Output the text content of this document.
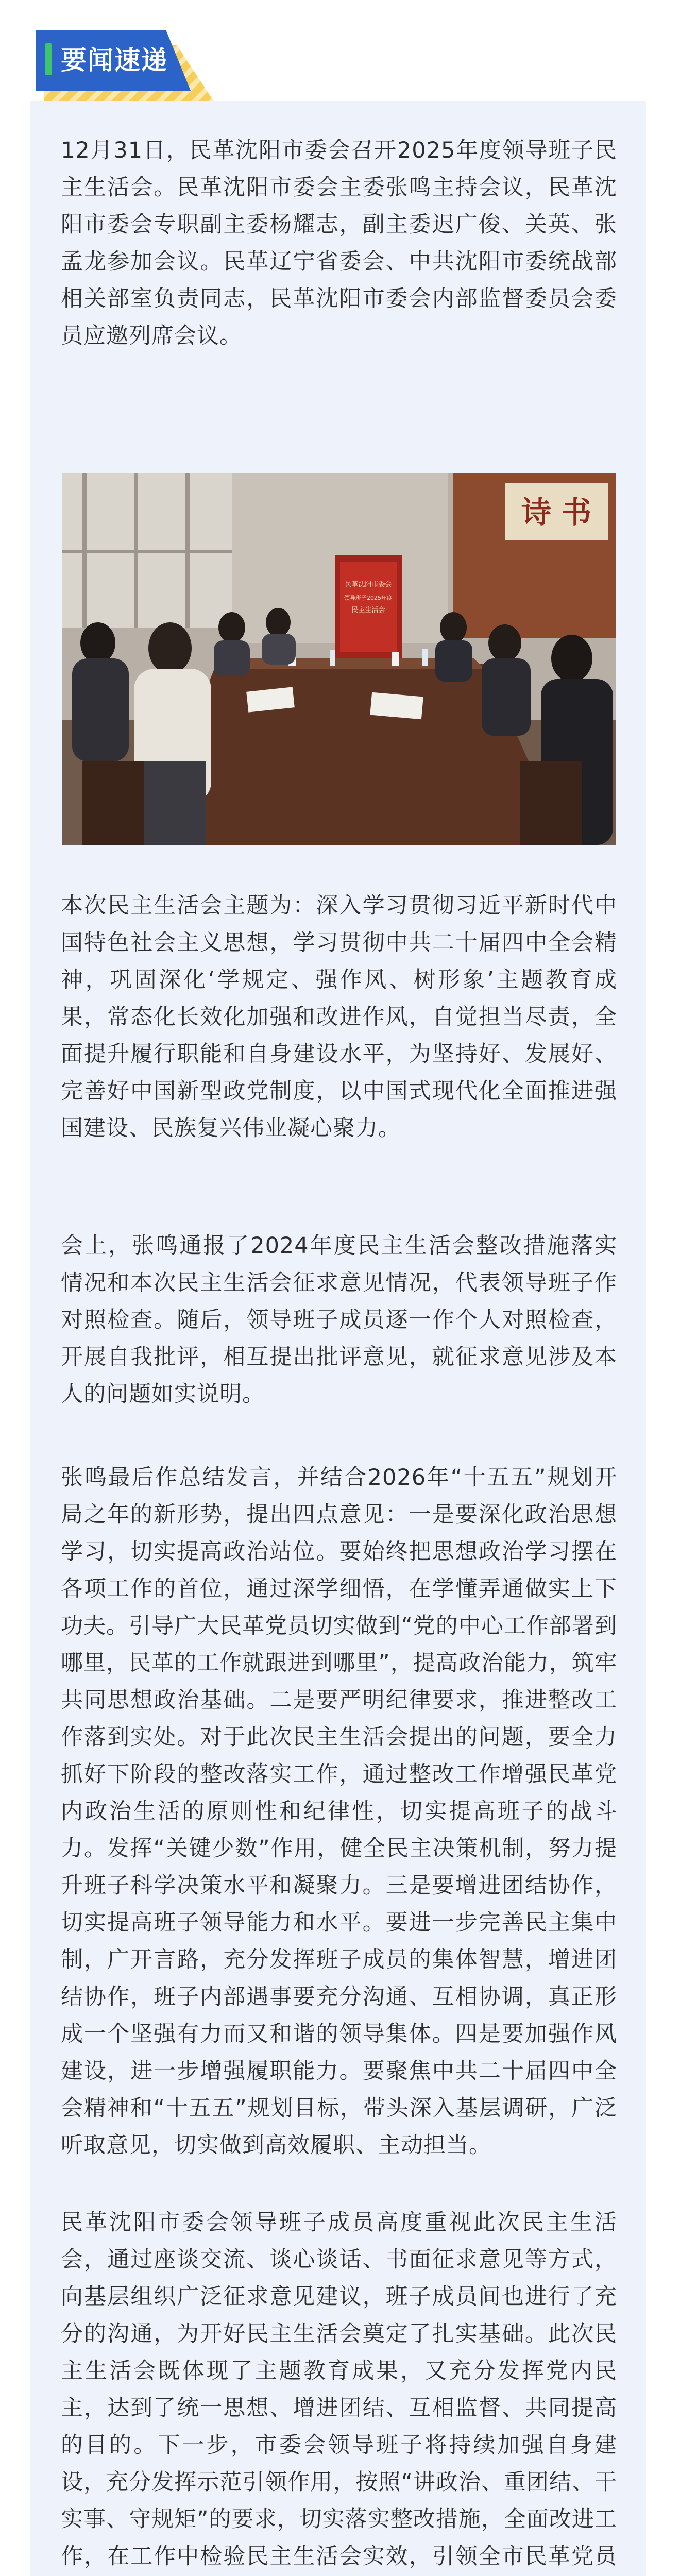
要闻速递

12月31日，民革沈阳市委会召开2025年度领导班子民主生活会。民革沈阳市委会主委张鸣主持会议，民革沈阳市委会专职副主委杨耀志，副主委迟广俊、关英、张孟龙参加会议。民革辽宁省委会、中共沈阳市委统战部相关部室负责同志，民革沈阳市委会内部监督委员会委员应邀列席会议。

诗 书
民革沈阳市委会
领导班子2025年度
民主生活会

本次民主生活会主题为：深入学习贯彻习近平新时代中国特色社会主义思想，学习贯彻中共二十届四中全会精神，巩固深化‘学规定、强作风、树形象’主题教育成果，常态化长效化加强和改进作风，自觉担当尽责，全面提升履行职能和自身建设水平，为坚持好、发展好、完善好中国新型政党制度，以中国式现代化全面推进强国建设、民族复兴伟业凝心聚力。

会上，张鸣通报了2024年度民主生活会整改措施落实情况和本次民主生活会征求意见情况，代表领导班子作对照检查。随后，领导班子成员逐一作个人对照检查，开展自我批评，相互提出批评意见，就征求意见涉及本人的问题如实说明。

张鸣最后作总结发言，并结合2026年“十五五”规划开局之年的新形势，提出四点意见：一是要深化政治思想学习，切实提高政治站位。要始终把思想政治学习摆在各项工作的首位，通过深学细悟，在学懂弄通做实上下功夫。引导广大民革党员切实做到“党的中心工作部署到哪里，民革的工作就跟进到哪里”，提高政治能力，筑牢共同思想政治基础。二是要严明纪律要求，推进整改工作落到实处。对于此次民主生活会提出的问题，要全力抓好下阶段的整改落实工作，通过整改工作增强民革党内政治生活的原则性和纪律性，切实提高班子的战斗力。发挥“关键少数”作用，健全民主决策机制，努力提升班子科学决策水平和凝聚力。三是要增进团结协作，切实提高班子领导能力和水平。要进一步完善民主集中制，广开言路，充分发挥班子成员的集体智慧，增进团结协作，班子内部遇事要充分沟通、互相协调，真正形成一个坚强有力而又和谐的领导集体。四是要加强作风建设，进一步增强履职能力。要聚焦中共二十届四中全会精神和“十五五”规划目标，带头深入基层调研，广泛听取意见，切实做到高效履职、主动担当。

民革沈阳市委会领导班子成员高度重视此次民主生活会，通过座谈交流、谈心谈话、书面征求意见等方式，向基层组织广泛征求意见建议，班子成员间也进行了充分的沟通，为开好民主生活会奠定了扎实基础。此次民主生活会既体现了主题教育成果，又充分发挥党内民主，达到了统一思想、增进团结、互相监督、共同提高的目的。下一步，市委会领导班子将持续加强自身建设，充分发挥示范引领作用，按照“讲政治、重团结、干实事、守规矩”的要求，切实落实整改措施，全面改进工作，在工作中检验民主生活会实效，引领全市民革党员
